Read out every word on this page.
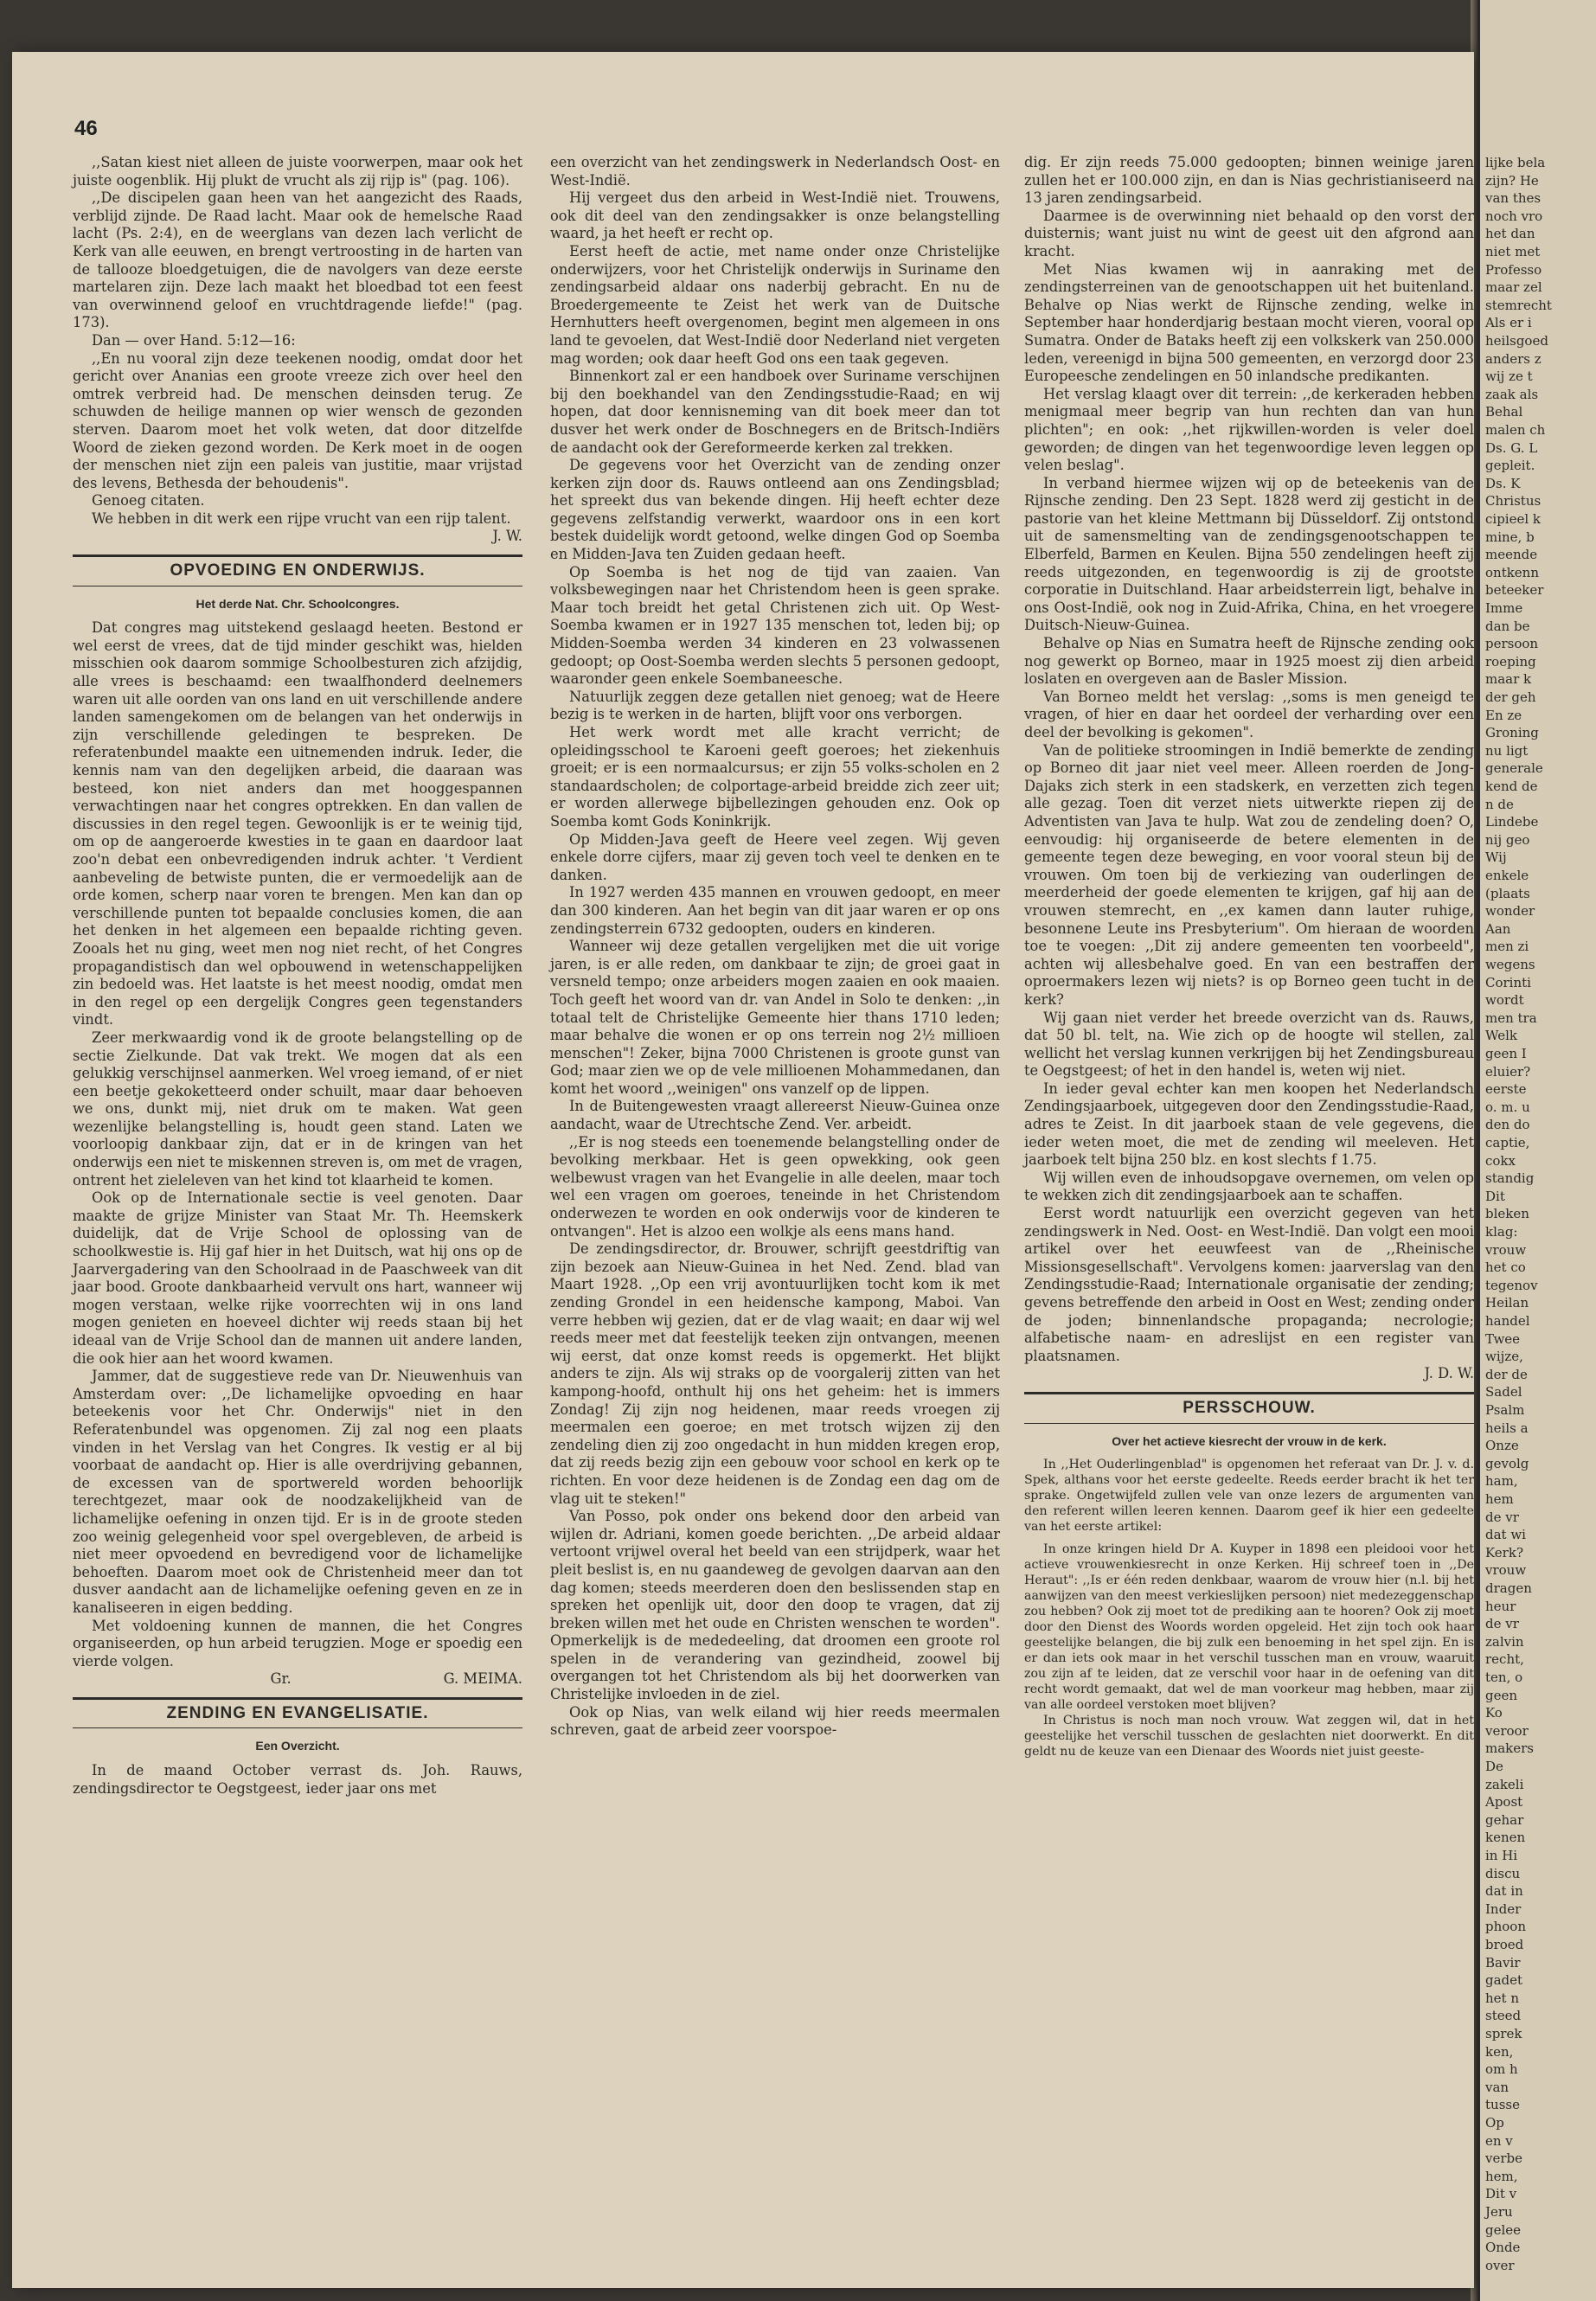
46

,,Satan kiest niet alleen de juiste voorwerpen, maar ook het juiste oogenblik. Hij plukt de vrucht als zij rijp is" (pag. 106).

,,De discipelen gaan heen van het aangezicht des Raads, verblijd zijnde. De Raad lacht. Maar ook de hemelsche Raad lacht (Ps. 2:4), en de weerglans van dezen lach verlicht de Kerk van alle eeuwen, en brengt vertroosting in de harten van de tallooze bloedgetuigen, die de navolgers van deze eerste martelaren zijn. Deze lach maakt het bloedbad tot een feest van overwinnend geloof en vruchtdragende liefde!" (pag. 173).

Dan — over Hand. 5:12—16:

,,En nu vooral zijn deze teekenen noodig, omdat door het gericht over Ananias een groote vreeze zich over heel den omtrek verbreid had. De menschen deinsden terug. Ze schuwden de heilige mannen op wier wensch de gezonden sterven. Daarom moet het volk weten, dat door ditzelfde Woord de zieken gezond worden. De Kerk moet in de oogen der menschen niet zijn een paleis van justitie, maar vrijstad des levens, Bethesda der behoudenis".

Genoeg citaten.

We hebben in dit werk een rijpe vrucht van een rijp talent.

J. W.

OPVOEDING EN ONDERWIJS.
Het derde Nat. Chr. Schoolcongres.

Dat congres mag uitstekend geslaagd heeten. Bestond er wel eerst de vrees, dat de tijd minder geschikt was, hielden misschien ook daarom sommige Schoolbesturen zich afzijdig, alle vrees is beschaamd: een twaalfhonderd deelnemers waren uit alle oorden van ons land en uit verschillende andere landen samengekomen om de belangen van het onderwijs in zijn verschillende geledingen te bespreken. De referatenbundel maakte een uitnemenden indruk. Ieder, die kennis nam van den degelijken arbeid, die daaraan was besteed, kon niet anders dan met hooggespannen verwachtingen naar het congres optrekken. En dan vallen de discussies in den regel tegen. Gewoonlijk is er te weinig tijd, om op de aangeroerde kwesties in te gaan en daardoor laat zoo'n debat een onbevredigenden indruk achter. 't Verdient aanbeveling de betwiste punten, die er vermoedelijk aan de orde komen, scherp naar voren te brengen. Men kan dan op verschillende punten tot bepaalde conclusies komen, die aan het denken in het algemeen een bepaalde richting geven. Zooals het nu ging, weet men nog niet recht, of het Congres propagandistisch dan wel opbouwend in wetenschappelijken zin bedoeld was. Het laatste is het meest noodig, omdat men in den regel op een dergelijk Congres geen tegenstanders vindt.

Zeer merkwaardig vond ik de groote belangstelling op de sectie Zielkunde. Dat vak trekt. We mogen dat als een gelukkig verschijnsel aanmerken. Wel vroeg iemand, of er niet een beetje gekoketteerd onder schuilt, maar daar behoeven we ons, dunkt mij, niet druk om te maken. Wat geen wezenlijke belangstelling is, houdt geen stand. Laten we voorloopig dankbaar zijn, dat er in de kringen van het onderwijs een niet te miskennen streven is, om met de vragen, ontrent het zieleleven van het kind tot klaarheid te komen.

Ook op de Internationale sectie is veel genoten. Daar maakte de grijze Minister van Staat Mr. Th. Heemskerk duidelijk, dat de Vrije School de oplossing van de schoolkwestie is. Hij gaf hier in het Duitsch, wat hij ons op de Jaarvergadering van den Schoolraad in de Paaschweek van dit jaar bood. Groote dankbaarheid vervult ons hart, wanneer wij mogen verstaan, welke rijke voorrechten wij in ons land mogen genieten en hoeveel dichter wij reeds staan bij het ideaal van de Vrije School dan de mannen uit andere landen, die ook hier aan het woord kwamen.

Jammer, dat de suggestieve rede van Dr. Nieuwenhuis van Amsterdam over: ,,De lichamelijke opvoeding en haar beteekenis voor het Chr. Onderwijs" niet in den Referatenbundel was opgenomen. Zij zal nog een plaats vinden in het Verslag van het Congres. Ik vestig er al bij voorbaat de aandacht op. Hier is alle overdrijving gebannen, de excessen van de sportwereld worden behoorlijk terechtgezet, maar ook de noodzakelijkheid van de lichamelijke oefening in onzen tijd. Er is in de groote steden zoo weinig gelegenheid voor spel overgebleven, de arbeid is niet meer opvoedend en bevredigend voor de lichamelijke behoeften. Daarom moet ook de Christenheid meer dan tot dusver aandacht aan de lichamelijke oefening geven en ze in kanaliseeren in eigen bedding.

Met voldoening kunnen de mannen, die het Congres organiseerden, op hun arbeid terugzien. Moge er spoedig een vierde volgen.

Gr.                                  G. MEIMA.

ZENDING EN EVANGELISATIE.
Een Overzicht.

In de maand October verrast ds. Joh. Rauws, zendingsdirector te Oegstgeest, ieder jaar ons met

een overzicht van het zendingswerk in Nederlandsch Oost- en West-Indië.

Hij vergeet dus den arbeid in West-Indië niet. Trouwens, ook dit deel van den zendingsakker is onze belangstelling waard, ja het heeft er recht op.

Eerst heeft de actie, met name onder onze Christelijke onderwijzers, voor het Christelijk onderwijs in Suriname den zendingsarbeid aldaar ons naderbij gebracht. En nu de Broedergemeente te Zeist het werk van de Duitsche Hernhutters heeft overgenomen, begint men algemeen in ons land te gevoelen, dat West-Indië door Nederland niet vergeten mag worden; ook daar heeft God ons een taak gegeven.

Binnenkort zal er een handboek over Suriname verschijnen bij den boekhandel van den Zendingsstudie-Raad; en wij hopen, dat door kennisneming van dit boek meer dan tot dusver het werk onder de Boschnegers en de Britsch-Indiërs de aandacht ook der Gereformeerde kerken zal trekken.

De gegevens voor het Overzicht van de zending onzer kerken zijn door ds. Rauws ontleend aan ons Zendingsblad; het spreekt dus van bekende dingen. Hij heeft echter deze gegevens zelfstandig verwerkt, waardoor ons in een kort bestek duidelijk wordt getoond, welke dingen God op Soemba en Midden-Java ten Zuiden gedaan heeft.

Op Soemba is het nog de tijd van zaaien. Van volksbewegingen naar het Christendom heen is geen sprake. Maar toch breidt het getal Christenen zich uit. Op West-Soemba kwamen er in 1927 135 menschen tot, leden bij; op Midden-Soemba werden 34 kinderen en 23 volwassenen gedoopt; op Oost-Soemba werden slechts 5 personen gedoopt, waaronder geen enkele Soembaneesche.

Natuurlijk zeggen deze getallen niet genoeg; wat de Heere bezig is te werken in de harten, blijft voor ons verborgen.

Het werk wordt met alle kracht verricht; de opleidingsschool te Karoeni geeft goeroes; het ziekenhuis groeit; er is een normaalcursus; er zijn 55 volks-scholen en 2 standaardscholen; de colportage-arbeid breidde zich zeer uit; er worden allerwege bijbellezingen gehouden enz. Ook op Soemba komt Gods Koninkrijk.

Op Midden-Java geeft de Heere veel zegen. Wij geven enkele dorre cijfers, maar zij geven toch veel te denken en te danken.

In 1927 werden 435 mannen en vrouwen gedoopt, en meer dan 300 kinderen. Aan het begin van dit jaar waren er op ons zendingsterrein 6732 gedoopten, ouders en kinderen.

Wanneer wij deze getallen vergelijken met die uit vorige jaren, is er alle reden, om dankbaar te zijn; de groei gaat in versneld tempo; onze arbeiders mogen zaaien en ook maaien. Toch geeft het woord van dr. van Andel in Solo te denken: ,,in totaal telt de Christelijke Gemeente hier thans 1710 leden; maar behalve die wonen er op ons terrein nog 2½ millioen menschen"! Zeker, bijna 7000 Christenen is groote gunst van God; maar zien we op de vele millioenen Mohammedanen, dan komt het woord ,,weinigen" ons vanzelf op de lippen.

In de Buitengewesten vraagt allereerst Nieuw-Guinea onze aandacht, waar de Utrechtsche Zend. Ver. arbeidt.

,,Er is nog steeds een toenemende belangstelling onder de bevolking merkbaar. Het is geen opwekking, ook geen welbewust vragen van het Evangelie in alle deelen, maar toch wel een vragen om goeroes, teneinde in het Christendom onderwezen te worden en ook onderwijs voor de kinderen te ontvangen". Het is alzoo een wolkje als eens mans hand.

De zendingsdirector, dr. Brouwer, schrijft geestdriftig van zijn bezoek aan Nieuw-Guinea in het Ned. Zend. blad van Maart 1928. ,,Op een vrij avontuurlijken tocht kom ik met zending Grondel in een heidensche kampong, Maboi. Van verre hebben wij gezien, dat er de vlag waait; en daar wij wel reeds meer met dat feestelijk teeken zijn ontvangen, meenen wij eerst, dat onze komst reeds is opgemerkt. Het blijkt anders te zijn. Als wij straks op de voorgalerij zitten van het kampong-hoofd, onthult hij ons het geheim: het is immers Zondag! Zij zijn nog heidenen, maar reeds vroegen zij meermalen een goeroe; en met trotsch wijzen zij den zendeling dien zij zoo ongedacht in hun midden kregen erop, dat zij reeds bezig zijn een gebouw voor school en kerk op te richten. En voor deze heidenen is de Zondag een dag om de vlag uit te steken!"

Van Posso, pok onder ons bekend door den arbeid van wijlen dr. Adriani, komen goede berichten. ,,De arbeid aldaar vertoont vrijwel overal het beeld van een strijdperk, waar het pleit beslist is, en nu gaandeweg de gevolgen daarvan aan den dag komen; steeds meerderen doen den beslissenden stap en spreken het openlijk uit, door den doop te vragen, dat zij breken willen met het oude en Christen wenschen te worden". Opmerkelijk is de mededeeling, dat droomen een groote rol spelen in de verandering van gezindheid, zoowel bij overgangen tot het Christendom als bij het doorwerken van Christelijke invloeden in de ziel.

Ook op Nias, van welk eiland wij hier reeds meermalen schreven, gaat de arbeid zeer voorspoe-

dig. Er zijn reeds 75.000 gedoopten; binnen weinige jaren zullen het er 100.000 zijn, en dan is Nias gechristianiseerd na 13 jaren zendingsarbeid.

Daarmee is de overwinning niet behaald op den vorst der duisternis; want juist nu wint de geest uit den afgrond aan kracht.

Met Nias kwamen wij in aanraking met de zendingsterreinen van de genootschappen uit het buitenland. Behalve op Nias werkt de Rijnsche zending, welke in September haar honderdjarig bestaan mocht vieren, vooral op Sumatra. Onder de Bataks heeft zij een volkskerk van 250.000 leden, vereenigd in bijna 500 gemeenten, en verzorgd door 23 Europeesche zendelingen en 50 inlandsche predikanten.

Het verslag klaagt over dit terrein: ,,de kerkeraden hebben menigmaal meer begrip van hun rechten dan van hun plichten"; en ook: ,,het rijkwillen-worden is veler doel geworden; de dingen van het tegenwoordige leven leggen op velen beslag".

In verband hiermee wijzen wij op de beteekenis van de Rijnsche zending. Den 23 Sept. 1828 werd zij gesticht in de pastorie van het kleine Mettmann bij Düsseldorf. Zij ontstond uit de samensmelting van de zendingsgenootschappen te Elberfeld, Barmen en Keulen. Bijna 550 zendelingen heeft zij reeds uitgezonden, en tegenwoordig is zij de grootste corporatie in Duitschland. Haar arbeidsterrein ligt, behalve in ons Oost-Indië, ook nog in Zuid-Afrika, China, en het vroegere Duitsch-Nieuw-Guinea.

Behalve op Nias en Sumatra heeft de Rijnsche zending ook nog gewerkt op Borneo, maar in 1925 moest zij dien arbeid loslaten en overgeven aan de Basler Mission.

Van Borneo meldt het verslag: ,,soms is men geneigd te vragen, of hier en daar het oordeel der verharding over een deel der bevolking is gekomen".

Van de politieke stroomingen in Indië bemerkte de zending op Borneo dit jaar niet veel meer. Alleen roerden de Jong-Dajaks zich sterk in een stadskerk, en verzetten zich tegen alle gezag. Toen dit verzet niets uitwerkte riepen zij de Adventisten van Java te hulp. Wat zou de zendeling doen? O, eenvoudig: hij organiseerde de betere elementen in de gemeente tegen deze beweging, en voor vooral steun bij de vrouwen. Om toen bij de verkiezing van ouderlingen de meerderheid der goede elementen te krijgen, gaf hij aan de vrouwen stemrecht, en ,,ex kamen dann lauter ruhige, besonnene Leute ins Presbyterium". Om hieraan de woorden toe te voegen: ,,Dit zij andere gemeenten ten voorbeeld", achten wij allesbehalve goed. En van een bestraffen der oproermakers lezen wij niets? is op Borneo geen tucht in de kerk?

Wij gaan niet verder het breede overzicht van ds. Rauws, dat 50 bl. telt, na. Wie zich op de hoogte wil stellen, zal wellicht het verslag kunnen verkrijgen bij het Zendingsbureau te Oegstgeest; of het in den handel is, weten wij niet.

In ieder geval echter kan men koopen het Nederlandsch Zendingsjaarboek, uitgegeven door den Zendingsstudie-Raad, adres te Zeist. In dit jaarboek staan de vele gegevens, die ieder weten moet, die met de zending wil meeleven. Het jaarboek telt bijna 250 blz. en kost slechts f 1.75.

Wij willen even de inhoudsopgave overnemen, om velen op te wekken zich dit zendingsjaarboek aan te schaffen.

Eerst wordt natuurlijk een overzicht gegeven van het zendingswerk in Ned. Oost- en West-Indië. Dan volgt een mooi artikel over het eeuwfeest van de ,,Rheinische Missionsgesellschaft". Vervolgens komen: jaarverslag van den Zendingsstudie-Raad; Internationale organisatie der zending; gevens betreffende den arbeid in Oost en West; zending onder de joden; binnenlandsche propaganda; necrologie; alfabetische naam- en adreslijst en een register van plaatsnamen.

J. D. W.

PERSSCHOUW.
Over het actieve kiesrecht der vrouw in de kerk.

In ,,Het Ouderlingenblad" is opgenomen het referaat van Dr. J. v. d. Spek, althans voor het eerste gedeelte. Reeds eerder bracht ik het ter sprake. Ongetwijfeld zullen vele van onze lezers de argumenten van den referent willen leeren kennen. Daarom geef ik hier een gedeelte van het eerste artikel:

In onze kringen hield Dr A. Kuyper in 1898 een pleidooi voor het actieve vrouwenkiesrecht in onze Kerken. Hij schreef toen in ,,De Heraut": ,,Is er één reden denkbaar, waarom de vrouw hier (n.l. bij het aanwijzen van den meest verkieslijken persoon) niet medezeggenschap zou hebben? Ook zij moet tot de prediking aan te hooren? Ook zij moet door den Dienst des Woords worden opgeleid. Het zijn toch ook haar geestelijke belangen, die bij zulk een benoeming in het spel zijn. En is er dan iets ook maar in het verschil tusschen man en vrouw, waaruit zou zijn af te leiden, dat ze verschil voor haar in de oefening van dit recht wordt gemaakt, dat wel de man voorkeur mag hebben, maar zij van alle oordeel verstoken moet blijven?

In Christus is noch man noch vrouw. Wat zeggen wil, dat in het geestelijke het verschil tusschen de geslachten niet doorwerkt. En dit geldt nu de keuze van een Dienaar des Woords niet juist geeste-

lijke bela
zijn? He
van thes
noch vro
het dan
niet met
Professo
maar zel
stemrecht
Als er i
heilsgoed
anders z
wij ze t
zaak als
Behal
malen ch
Ds. G. L
gepleit.
Ds. K
Christus
cipieel k
mine, b
meende
ontkenn
beteeker
Imme
dan be
persoon
roeping
maar k
der geh
En ze
Groning
nu ligt
generale
kend de
n de
Lindebe
nij geo
Wij
enkele
(plaats
wonder
Aan
men zi
wegens
Corinti
wordt
men tra
Welk
geen I
eluier?
eerste
o. m. u
den do
captie,
cokx
standig
Dit
bleken
klag:
vrouw
het co
tegenov
Heilan
handel
Twee
wijze,
der de
Sadel
Psalm
heils a
Onze
gevolg
ham,
hem
de vr
dat wi
Kerk?
vrouw
dragen
heur
de vr
zalvin
recht,
ten, o
geen
Ko
veroor
makers
De
zakeli
Apost
gehar
kenen
in Hi
discu
dat in
Inder
phoon
broed
Bavir
gadet
het n
steed
sprek
ken,
om h
van
tusse
Op
en v
verbe
hem,
Dit v
Jeru
gelee
Onde
over
